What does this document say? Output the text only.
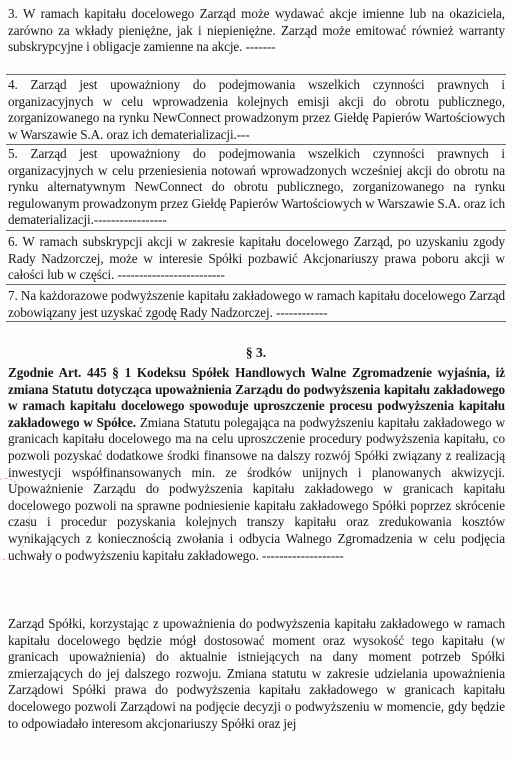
3. W ramach kapitału docelowego Zarząd może wydawać akcje imienne lub na okaziciela, zarówno za wkłady pieniężne, jak i niepieniężne. Zarząd może emitować również warranty subskrypcyjne i obligacje zamienne na akcje. -------
4. Zarząd jest upoważniony do podejmowania wszelkich czynności prawnych i organizacyjnych w celu wprowadzenia kolejnych emisji akcji do obrotu publicznego, zorganizowanego na rynku NewConnect prowadzonym przez Giełdę Papierów Wartościowych w Warszawie S.A. oraz ich dematerializacji.---
5. Zarząd jest upoważniony do podejmowania wszelkich czynności prawnych i organizacyjnych w celu przeniesienia notowań wprowadzonych wcześniej akcji do obrotu na rynku alternatywnym NewConnect do obrotu publicznego, zorganizowanego na rynku regulowanym prowadzonym przez Giełdę Papierów Wartościowych w Warszawie S.A. oraz ich dematerializacji.-----------------
6. W ramach subskrypcji akcji w zakresie kapitału docelowego Zarząd, po uzyskaniu zgody Rady Nadzorczej, może w interesie Spółki pozbawić Akcjonariuszy prawa poboru akcji w całości lub w części. -------------------------
7. Na każdorazowe podwyższenie kapitału zakładowego w ramach kapitału docelowego Zarząd zobowiązany jest uzyskać zgodę Rady Nadzorczej. ------------
§ 3.
Zgodnie Art. 445 § 1 Kodeksu Spółek Handlowych Walne Zgromadzenie wyjaśnia, iż zmiana Statutu dotycząca upoważnienia Zarządu do podwyższenia kapitału zakładowego w ramach kapitału docelowego spowoduje uproszczenie procesu podwyższenia kapitału zakładowego w Spółce. Zmiana Statutu polegająca na podwyższeniu kapitału zakładowego w granicach kapitału docelowego ma na celu uproszczenie procedury podwyższenia kapitału, co pozwoli pozyskać dodatkowe środki finansowe na dalszy rozwój Spółki związany z realizacją inwestycji współfinansowanych min. ze środków unijnych i planowanych akwizycji. Upoważnienie Zarządu do podwyższenia kapitału zakładowego w granicach kapitału docelowego pozwoli na sprawne podniesienie kapitału zakładowego Spółki poprzez skrócenie czasu i procedur pozyskania kolejnych transzy kapitału oraz zredukowania kosztów wynikających z koniecznością zwołania i odbycia Walnego Zgromadzenia w celu podjęcia uchwały o podwyższeniu kapitału zakładowego. -------------------
Zarząd Spółki, korzystając z upoważnienia do podwyższenia kapitału zakładowego w ramach kapitału docelowego będzie mógł dostosować moment oraz wysokość tego kapitału (w granicach upoważnienia) do aktualnie istniejących na dany moment potrzeb Spółki zmierzających do jej dalszego rozwoju. Zmiana statutu w zakresie udzielania upoważnienia Zarządowi Spółki prawa do podwyższenia kapitału zakładowego w granicach kapitału docelowego pozwoli Zarządowi na podjęcie decyzji o podwyższeniu w momencie, gdy będzie to odpowiadało interesom akcjonariuszy Spółki oraz jej
